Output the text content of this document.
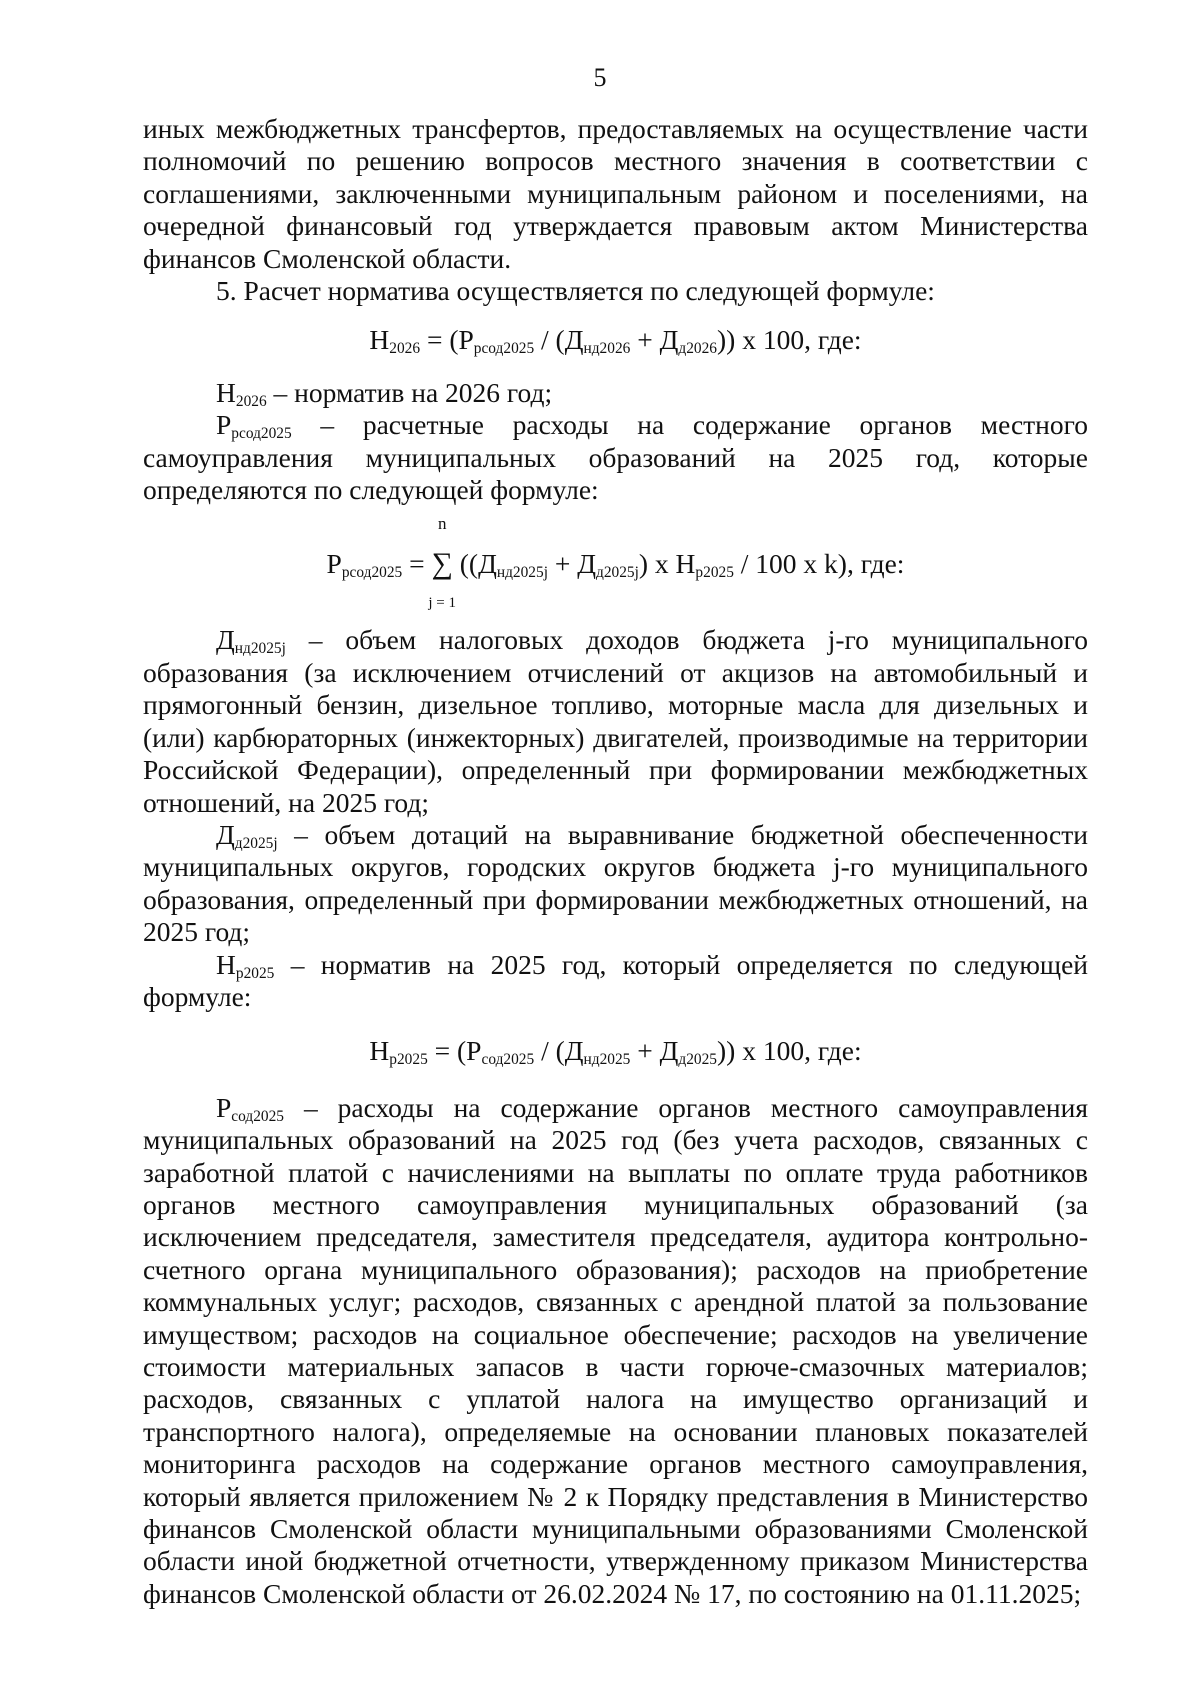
5

иных межбюджетных трансфертов, предоставляемых на осуществление части полномочий по решению вопросов местного значения в соответствии с соглашениями, заключенными муниципальным районом и поселениями, на очередной финансовый год утверждается правовым актом Министерства финансов Смоленской области.

5. Расчет норматива осуществляется по следующей формуле:

$Н_{2026} = (Р_{рсод2025} / (Д_{нд2026} + Д_{д2026}))$ x 100, где:

$Н_{2026}$ – норматив на 2026 год;

$Р_{рсод2025}$ – расчетные расходы на содержание органов местного самоуправления муниципальных образований на 2025 год, которые определяются по следующей формуле:

$Р_{рсод2025}$ =
n
∑
j = 1
($(Д_{нд2025j} + Д_{д2025j})$ x $Н_{р2025} / 100$ x k), где:

$Д_{нд2025j}$ – объем налоговых доходов бюджета j-го муниципального образования (за исключением отчислений от акцизов на автомобильный и прямогонный бензин, дизельное топливо, моторные масла для дизельных и (или) карбюраторных (инжекторных) двигателей, производимые на территории Российской Федерации), определенный при формировании межбюджетных отношений, на 2025 год;

$Д_{д2025j}$ – объем дотаций на выравнивание бюджетной обеспеченности муниципальных округов, городских округов бюджета j-го муниципального образования, определенный при формировании межбюджетных отношений, на 2025 год;

$Н_{р2025}$ – норматив на 2025 год, который определяется по следующей формуле:

$Н_{р2025} = (Р_{сод2025} / (Д_{нд2025} + Д_{д2025}))$ x 100, где:

$Р_{сод2025}$ – расходы на содержание органов местного самоуправления муниципальных образований на 2025 год (без учета расходов, связанных с заработной платой с начислениями на выплаты по оплате труда работников органов местного самоуправления муниципальных образований (за исключением председателя, заместителя председателя, аудитора контрольно-счетного органа муниципального образования); расходов на приобретение коммунальных услуг; расходов, связанных с арендной платой за пользование имуществом; расходов на социальное обеспечение; расходов на увеличение стоимости материальных запасов в части горюче-смазочных материалов; расходов, связанных с уплатой налога на имущество организаций и транспортного налога), определяемые на основании плановых показателей мониторинга расходов на содержание органов местного самоуправления, который является приложением № 2 к Порядку представления в Министерство финансов Смоленской области муниципальными образованиями Смоленской области иной бюджетной отчетности, утвержденному приказом Министерства финансов Смоленской области от 26.02.2024 № 17, по состоянию на 01.11.2025;
